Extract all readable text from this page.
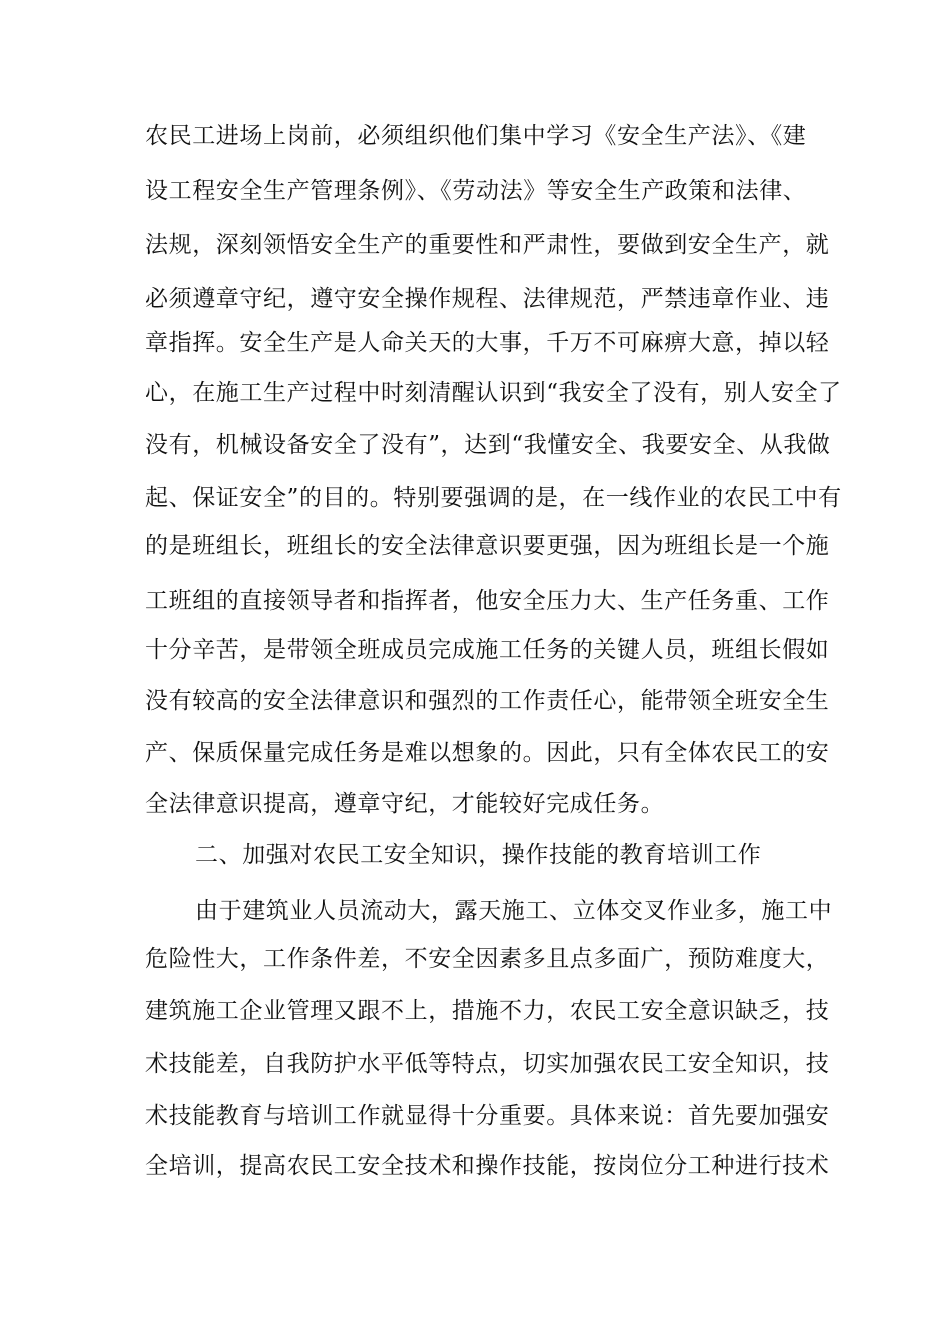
农民工进场上岗前，必须组织他们集中学习《安全生产法》、《建
设工程安全生产管理条例》、《劳动法》等安全生产政策和法律、
法规，深刻领悟安全生产的重要性和严肃性，要做到安全生产，就
必须遵章守纪，遵守安全操作规程、法律规范，严禁违章作业、违
章指挥。安全生产是人命关天的大事，千万不可麻痹大意，掉以轻
心，在施工生产过程中时刻清醒认识到“我安全了没有，别人安全了
没有，机械设备安全了没有”，达到“我懂安全、我要安全、从我做
起、保证安全”的目的。特别要强调的是，在一线作业的农民工中有
的是班组长，班组长的安全法律意识要更强，因为班组长是一个施
工班组的直接领导者和指挥者，他安全压力大、生产任务重、工作
十分辛苦，是带领全班成员完成施工任务的关键人员，班组长假如
没有较高的安全法律意识和强烈的工作责任心，能带领全班安全生
产、保质保量完成任务是难以想象的。因此，只有全体农民工的安
全法律意识提高，遵章守纪，才能较好完成任务。
二、加强对农民工安全知识，操作技能的教育培训工作
由于建筑业人员流动大，露天施工、立体交叉作业多，施工中
危险性大，工作条件差，不安全因素多且点多面广，预防难度大，
建筑施工企业管理又跟不上，措施不力，农民工安全意识缺乏，技
术技能差，自我防护水平低等特点，切实加强农民工安全知识，技
术技能教育与培训工作就显得十分重要。具体来说：首先要加强安
全培训，提高农民工安全技术和操作技能，按岗位分工种进行技术
